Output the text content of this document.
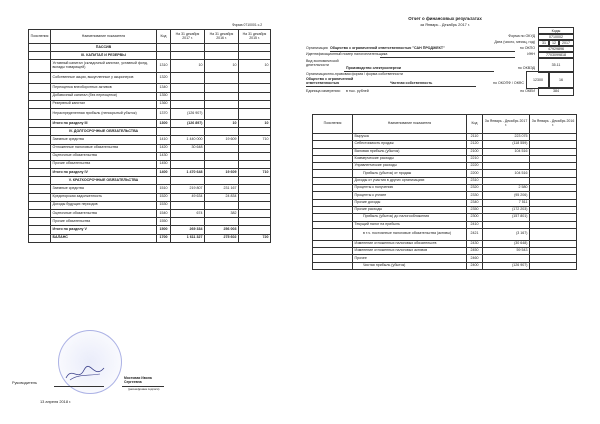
Форма 0710001 с.2
Пояснения	Наименование показателя	Код	На 31 декабря 2017 г.	На 31 декабря 2016 г.	На 31 декабря 2015 г.
	ПАССИВ				
	III. КАПИТАЛ И РЕЗЕРВЫ				
	Уставный капитал (складочный капитал, уставный фонд, вклады товарищей)	1310	10	10	10
	Собственные акции, выкупленные у акционеров	1320			
	Переоценка внеоборотных активов	1340			
	Добавочный капитал (без переоценки)	1350			
	Резервный капитал	1360			
	Нераспределенная прибыль (непокрытый убыток)	1370	(126 907)		
	Итого по разделу III	1300	(126 897)	10	10
	IV. ДОЛГОСРОЧНЫЕ ОБЯЗАТЕЛЬСТВА				
	Заемные средства	1410	1 440 000	19 609	710
	Отложенные налоговые обязательства	1420	30 648		
	Оценочные обязательства	1430			
	Прочие обязательства	1450			
	Итого по разделу IV	1400	1 470 648	19 609	710
	V. КРАТКОСРОЧНЫЕ ОБЯЗАТЕЛЬСТВА				
	Заемные средства	1510	219 807	231 167	
	Кредиторская задолженность	1520	49 634	24 834	
	Доходы будущих периодов	1530			
	Оценочные обязательства	1540	674	382	
	Прочие обязательства	1550			
	Итого по разделу V	1500	269 334	256 003	
	БАЛАНС	1700	1 611 327	275 602	720
Руководитель
Мостовая Ивона Сергеевна
(расшифровка подписи)
13 апреля 2018 г.
Отчет о финансовых результатах
за Январь - Декабрь 2017 г.
Коды
Форма по ОКУД	0710002
Дата (число, месяц, год)	31	12	2017
Организация Общество с ограниченной ответственностью "САН ПРОДЖЕКТ"	по ОКПО	47929896
Идентификационный номер налогоплательщика	ИНН	7703099818
Вид экономической деятельности
Производство электроэнергии	по ОКВЭД
35.11
Организационно-правовая форма / форма собственности
Общество с ограниченной ответственностью	Частная собственность	по ОКОПФ / ОКФС
12300	16
Единица измерения: в тыс. рублей	по ОКЕИ	384
Пояснения	Наименование показателя	Код	За Январь - Декабрь 2017 г.	За Январь - Декабрь 2016 г.
	Выручка	2110	223 075	
	Себестоимость продаж	2120	(118 559)	
	Валовая прибыль (убыток)	2100	104 516	
	Коммерческие расходы	2210		
	Управленческие расходы	2220		
	Прибыль (убыток) от продаж	2200	104 516	
	Доходы от участия в других организациях	2310		
	Проценты к получению	2320	2 580	
	Проценты к уплате	2330	(95 206)	
	Прочие доходы	2340	7 511	
	Прочие расходы	2350	(172 203)	
	Прибыль (убыток) до налогообложения	2300	(157 801)	
	Текущий налог на прибыль	2410		
	в т.ч. постоянные налоговые обязательства (активы)	2421	(3 167)	
	Изменение отложенных налоговых обязательств	2430	(30 648)	
	Изменение отложенных налоговых активов	2450	59 543	
	Прочее	2460		
	Чистая прибыль (убыток)	2400	(126 907)	
